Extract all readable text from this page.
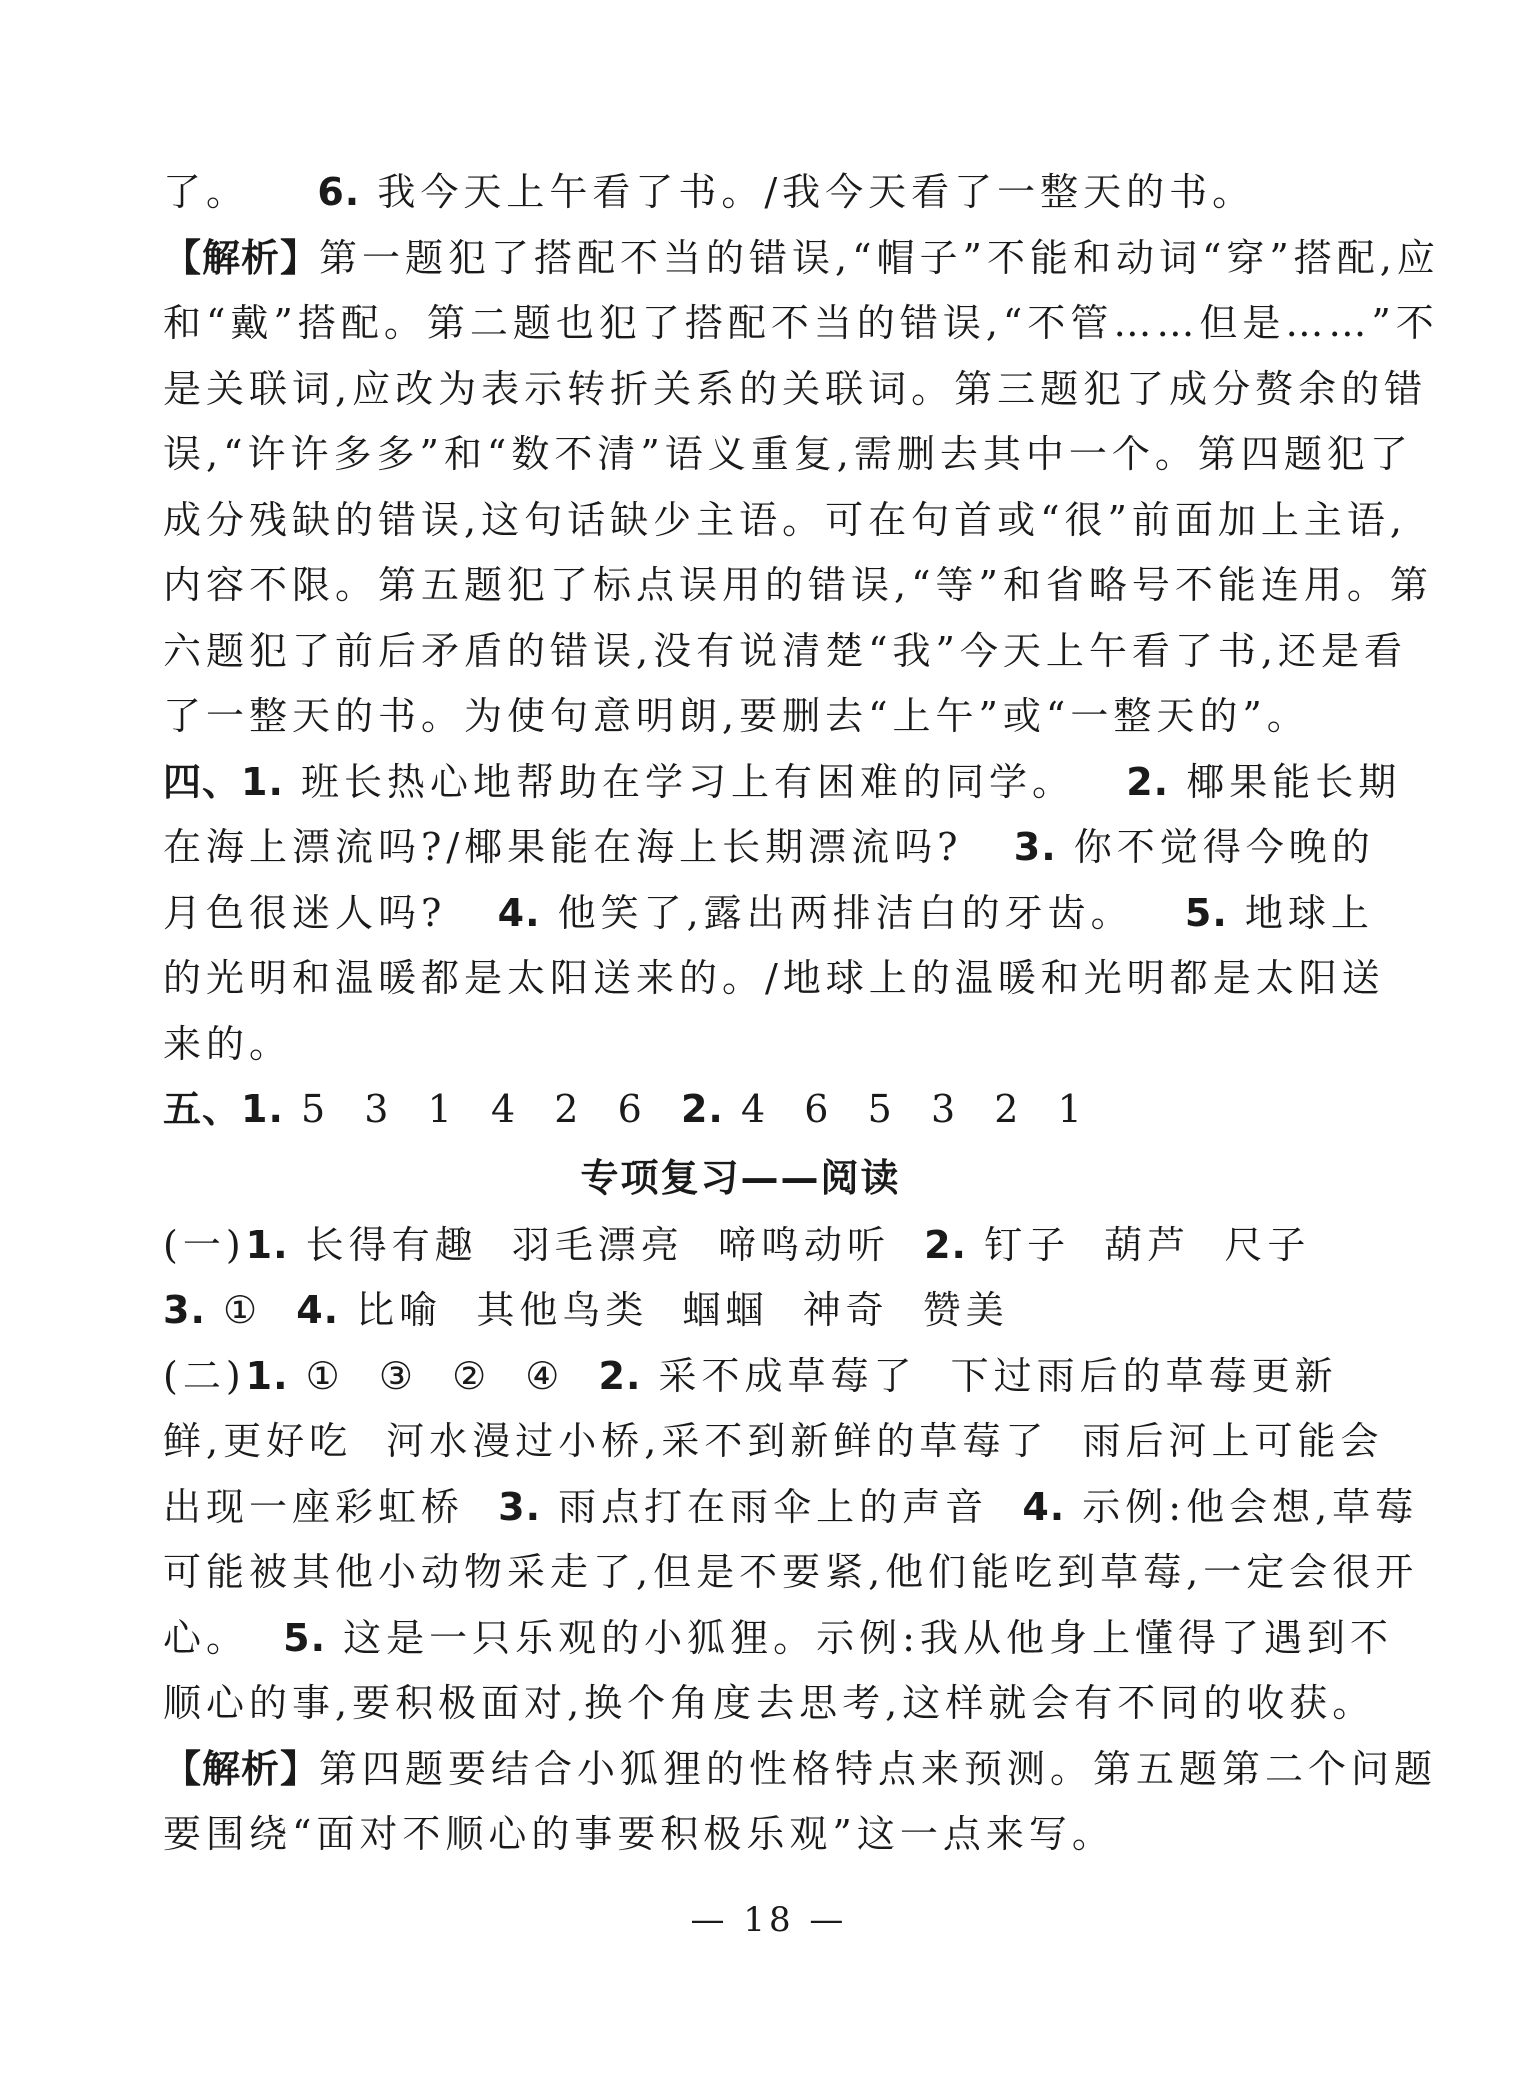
了。 6. 我今天上午看了书。/我今天看了一整天的书。
【解析】第一题犯了搭配不当的错误,“帽子”不能和动词“穿”搭配,应
和“戴”搭配。第二题也犯了搭配不当的错误,“不管……但是……”不
是关联词,应改为表示转折关系的关联词。第三题犯了成分赘余的错
误,“许许多多”和“数不清”语义重复,需删去其中一个。第四题犯了
成分残缺的错误,这句话缺少主语。可在句首或“很”前面加上主语,
内容不限。第五题犯了标点误用的错误,“等”和省略号不能连用。第
六题犯了前后矛盾的错误,没有说清楚“我”今天上午看了书,还是看
了一整天的书。为使句意明朗,要删去“上午”或“一整天的”。
四、1. 班长热心地帮助在学习上有困难的同学。   2. 椰果能长期
在海上漂流吗?/椰果能在海上长期漂流吗?   3. 你不觉得今晚的
月色很迷人吗?   4. 他笑了,露出两排洁白的牙齿。   5. 地球上
的光明和温暖都是太阳送来的。/地球上的温暖和光明都是太阳送
来的。
五、1. 5  3  1  4  2  6  2. 4  6  5  3  2  1
专项复习——阅读
(一)1. 长得有趣  羽毛漂亮  啼鸣动听  2. 钉子  葫芦  尺子
3. ①  4. 比喻  其他鸟类  蝈蝈  神奇  赞美
(二)1. ①  ③  ②  ④  2. 采不成草莓了  下过雨后的草莓更新
鲜,更好吃  河水漫过小桥,采不到新鲜的草莓了  雨后河上可能会
出现一座彩虹桥  3. 雨点打在雨伞上的声音  4. 示例:他会想,草莓
可能被其他小动物采走了,但是不要紧,他们能吃到草莓,一定会很开
心。  5. 这是一只乐观的小狐狸。示例:我从他身上懂得了遇到不
顺心的事,要积极面对,换个角度去思考,这样就会有不同的收获。
【解析】第四题要结合小狐狸的性格特点来预测。第五题第二个问题
要围绕“面对不顺心的事要积极乐观”这一点来写。
— 18 —
